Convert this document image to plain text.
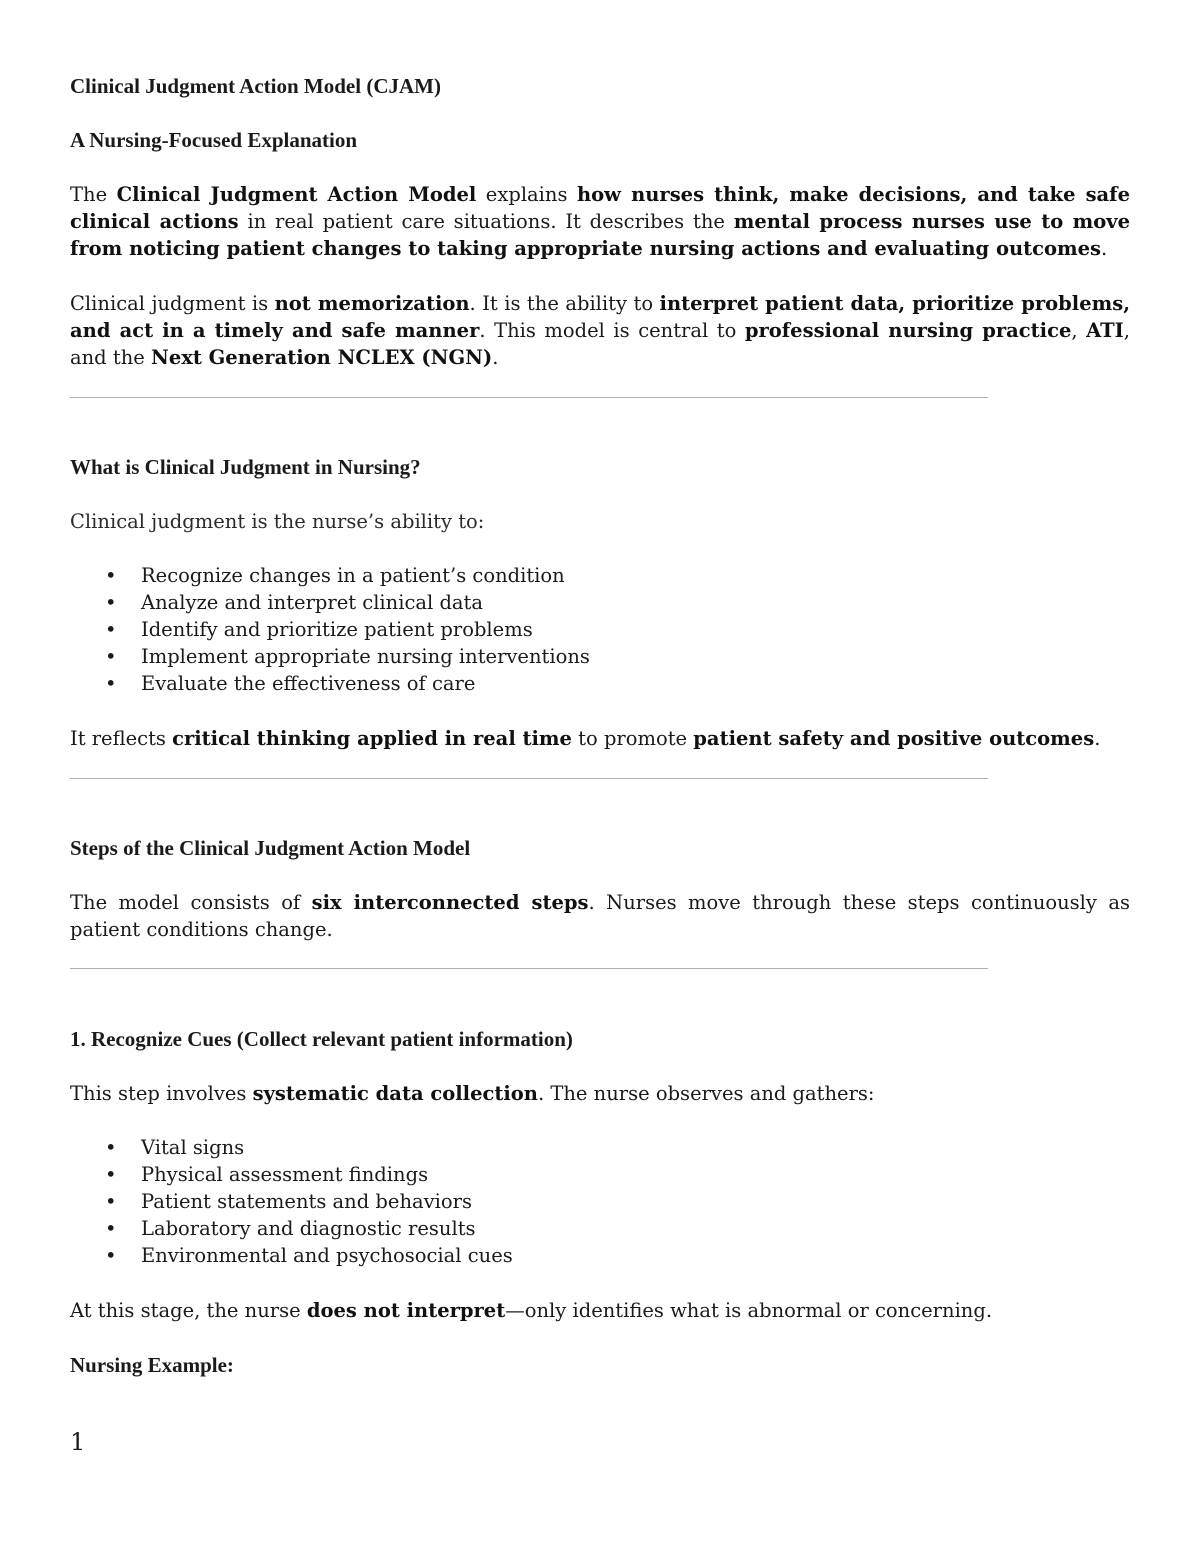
Clinical Judgment Action Model (CJAM)

A Nursing-Focused Explanation

The Clinical Judgment Action Model explains how nurses think, make decisions, and take safe clinical actions in real patient care situations. It describes the mental process nurses use to move from noticing patient changes to taking appropriate nursing actions and evaluating outcomes.

Clinical judgment is not memorization. It is the ability to interpret patient data, prioritize problems, and act in a timely and safe manner. This model is central to professional nursing practice, ATI, and the Next Generation NCLEX (NGN).

What is Clinical Judgment in Nursing?

Clinical judgment is the nurse’s ability to:

• Recognize changes in a patient’s condition
• Analyze and interpret clinical data
• Identify and prioritize patient problems
• Implement appropriate nursing interventions
• Evaluate the effectiveness of care

It reflects critical thinking applied in real time to promote patient safety and positive outcomes.

Steps of the Clinical Judgment Action Model

The model consists of six interconnected steps. Nurses move through these steps continuously as patient conditions change.

1. Recognize Cues (Collect relevant patient information)

This step involves systematic data collection. The nurse observes and gathers:

• Vital signs
• Physical assessment findings
• Patient statements and behaviors
• Laboratory and diagnostic results
• Environmental and psychosocial cues

At this stage, the nurse does not interpret—only identifies what is abnormal or concerning.

Nursing Example:

1
